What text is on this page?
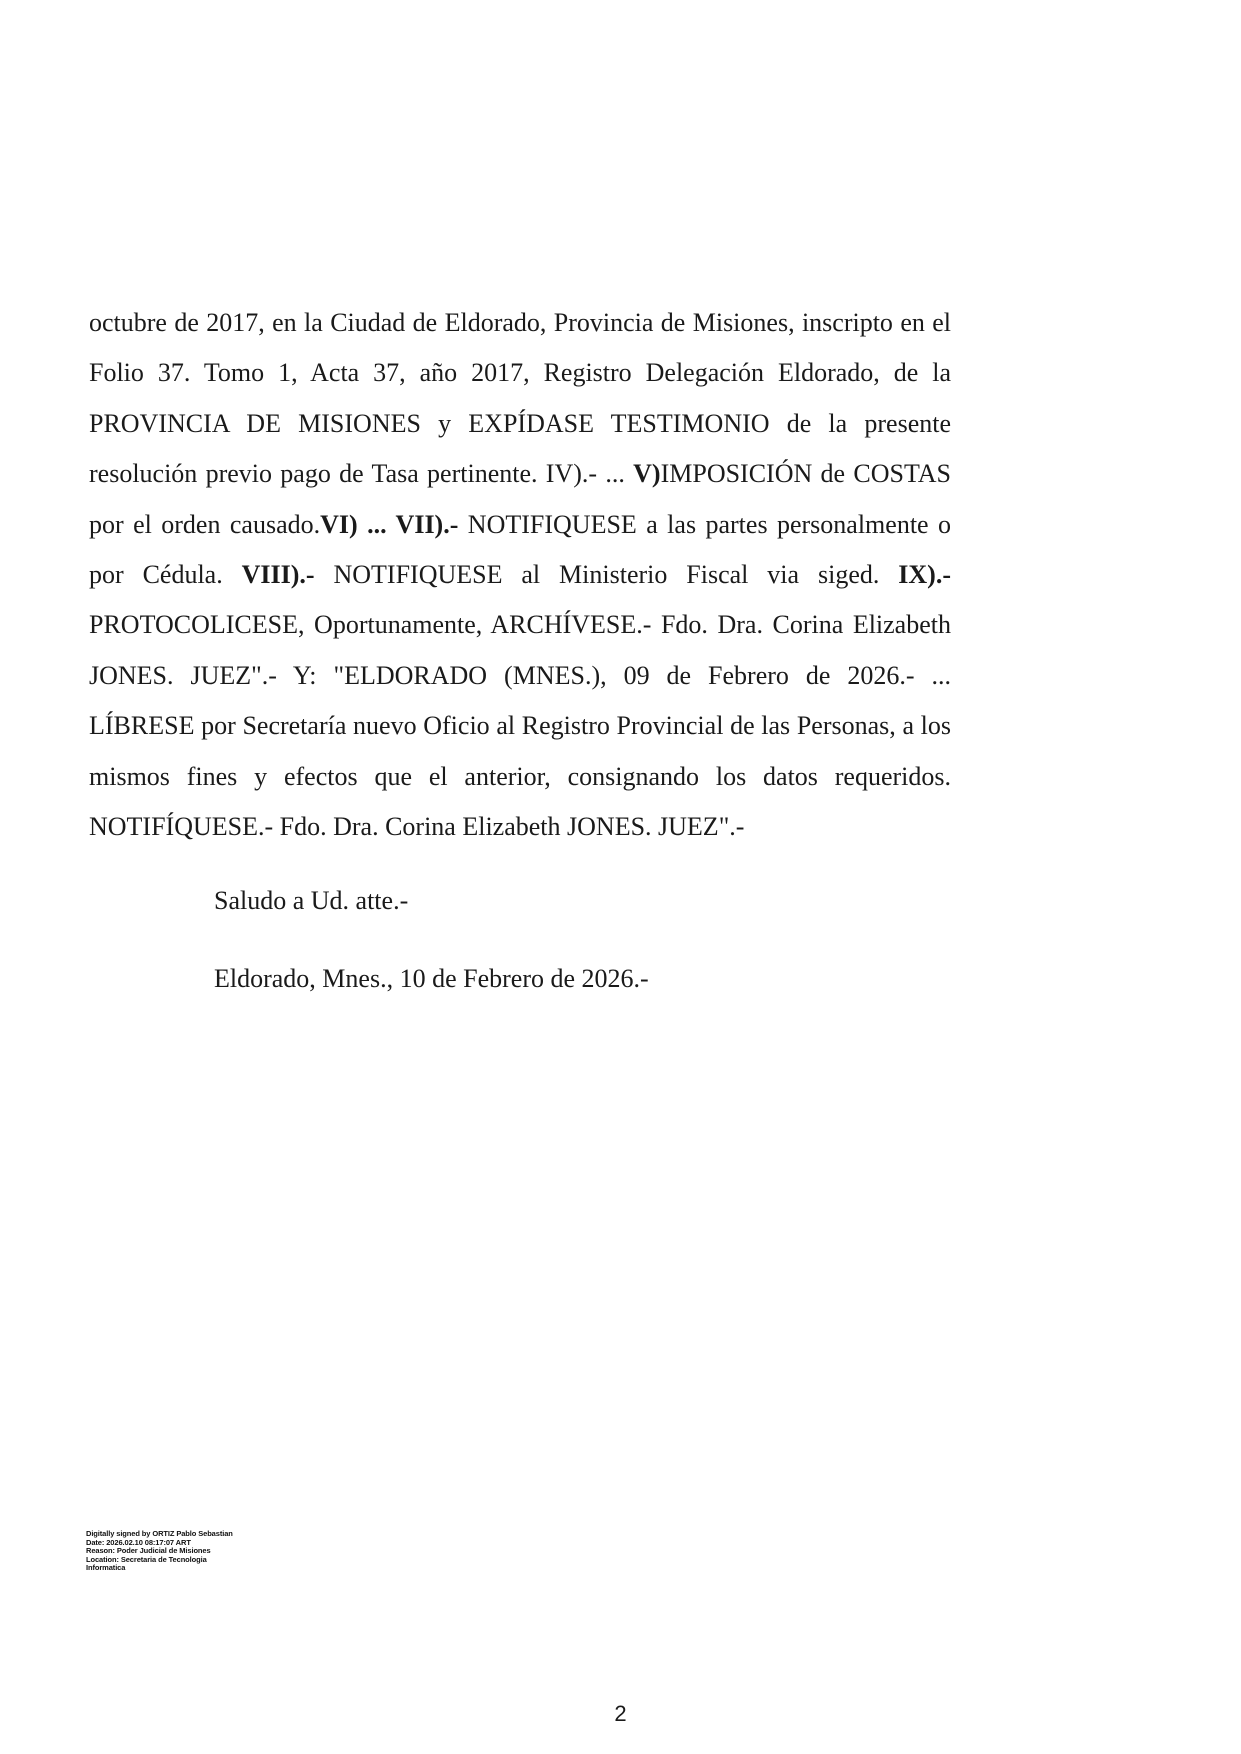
octubre de 2017, en la Ciudad de Eldorado, Provincia de Misiones, inscripto en el Folio 37. Tomo 1, Acta 37, año 2017, Registro Delegación Eldorado, de la PROVINCIA DE MISIONES y EXPÍDASE TESTIMONIO de la presente resolución previo pago de Tasa pertinente. IV).- ... V)IMPOSICIÓN de COSTAS por el orden causado.VI) ... VII).- NOTIFIQUESE a las partes personalmente o por Cédula. VIII).- NOTIFIQUESE al Ministerio Fiscal via siged. IX).- PROTOCOLICESE, Oportunamente, ARCHÍVESE.- Fdo. Dra. Corina Elizabeth JONES. JUEZ".- Y: "ELDORADO (MNES.), 09 de Febrero de 2026.- ... LÍBRESE por Secretaría nuevo Oficio al Registro Provincial de las Personas, a los mismos fines y efectos que el anterior, consignando los datos requeridos. NOTIFÍQUESE.- Fdo. Dra. Corina Elizabeth JONES. JUEZ".-

Saludo a Ud. atte.-
Eldorado, Mnes., 10 de Febrero de 2026.-
Digitally signed by ORTIZ Pablo Sebastian
Date: 2026.02.10 08:17:07 ART
Reason: Poder Judicial de Misiones
Location: Secretaria de Tecnologia
Informatica
2
